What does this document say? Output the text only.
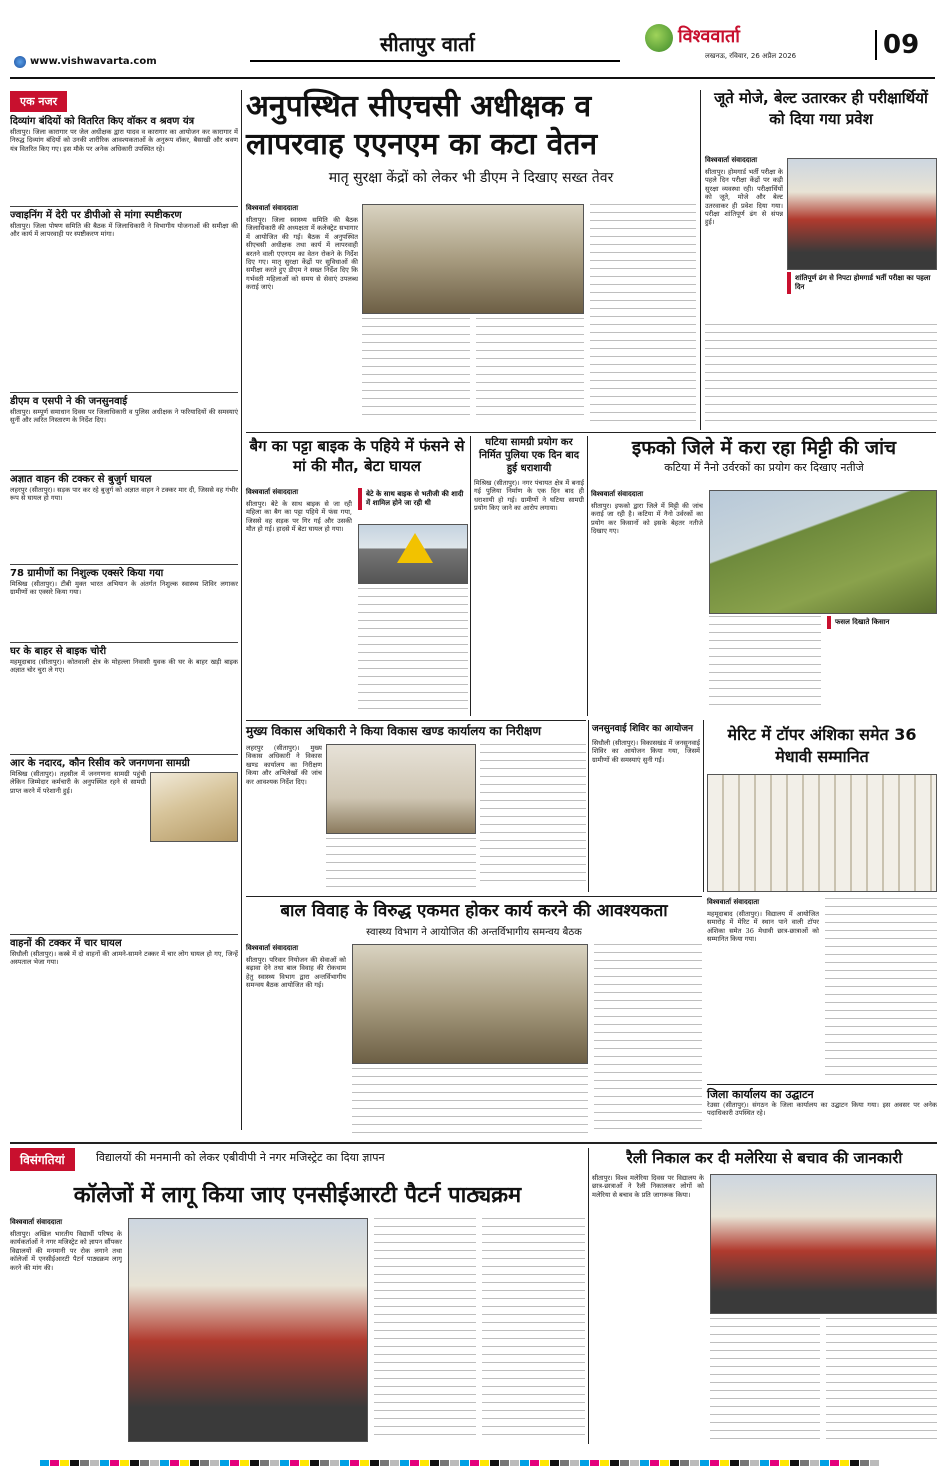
सीतापुर वार्ता	विश्ववार्ता
लखनऊ, रविवार, 26 अप्रैल 2026	09
www.vishwavarta.com
एक नजर
दिव्यांग बंदियों को वितरित किए वॉकर व श्रवण यंत्र
सीतापुर। जिला कारागार पर जेल अधीक्षक द्वारा यादव व कारागार का आयोजन कर कारागार में निरुद्ध दिव्यांग बंदियों को उनकी शारीरिक आवश्यकताओं के अनुरूप वॉकर, बैसाखी और श्रवण यंत्र वितरित किए गए। इस मौके पर अनेक अधिकारी उपस्थित रहे।
ज्वाइनिंग में देरी पर डीपीओ से मांगा स्पष्टीकरण
सीतापुर। जिला पोषण समिति की बैठक में जिलाधिकारी ने विभागीय योजनाओं की समीक्षा की और कार्य में लापरवाही पर स्पष्टीकरण मांगा।
डीएम व एसपी ने की जनसुनवाई
सीतापुर। सम्पूर्ण समाधान दिवस पर जिलाधिकारी व पुलिस अधीक्षक ने फरियादियों की समस्याएं सुनीं और त्वरित निस्तारण के निर्देश दिए।
अज्ञात वाहन की टक्कर से बुजुर्ग घायल
लहरपुर (सीतापुर)। सड़क पार कर रहे बुजुर्ग को अज्ञात वाहन ने टक्कर मार दी, जिससे वह गंभीर रूप से घायल हो गया।
78 ग्रामीणों का निशुल्क एक्सरे किया गया
मिश्रिख (सीतापुर)। टीबी मुक्त भारत अभियान के अंतर्गत निशुल्क स्वास्थ्य शिविर लगाकर ग्रामीणों का एक्सरे किया गया।
घर के बाहर से बाइक चोरी
महमूदाबाद (सीतापुर)। कोतवाली क्षेत्र के मोहल्ला निवासी युवक की घर के बाहर खड़ी बाइक अज्ञात चोर चुरा ले गए।
आर के नदारद, कौन रिसीव करे जनगणना सामग्री
मिश्रिख (सीतापुर)। तहसील में जनगणना सामग्री पहुंची लेकिन जिम्मेदार कर्मचारी के अनुपस्थित रहने से सामग्री प्राप्त करने में परेशानी हुई।
वाहनों की टक्कर में चार घायल
सिधौली (सीतापुर)। कस्बे में दो वाहनों की आमने-सामने टक्कर में चार लोग घायल हो गए, जिन्हें अस्पताल भेजा गया।
अनुपस्थित सीएचसी अधीक्षक व लापरवाह एएनएम का कटा वेतन
मातृ सुरक्षा केंद्रों को लेकर भी डीएम ने दिखाए सख्त तेवर
विश्ववार्ता संवाददाता
सीतापुर। जिला स्वास्थ्य समिति की बैठक जिलाधिकारी की अध्यक्षता में कलेक्ट्रेट सभागार में आयोजित की गई। बैठक में अनुपस्थित सीएचसी अधीक्षक तथा कार्य में लापरवाही बरतने वाली एएनएम का वेतन रोकने के निर्देश दिए गए। मातृ सुरक्षा केंद्रों पर सुविधाओं की समीक्षा करते हुए डीएम ने सख्त निर्देश दिए कि गर्भवती महिलाओं को समय से सेवाएं उपलब्ध कराई जाएं।
जूते मोजे, बेल्ट उतारकर ही परीक्षार्थियों को दिया गया प्रवेश
विश्ववार्ता संवाददाता
सीतापुर। होमगार्ड भर्ती परीक्षा के पहले दिन परीक्षा केंद्रों पर कड़ी सुरक्षा व्यवस्था रही। परीक्षार्थियों को जूते, मोजे और बेल्ट उतरवाकर ही प्रवेश दिया गया। परीक्षा शांतिपूर्ण ढंग से संपन्न हुई।
शांतिपूर्ण ढंग से निपटा होमगार्ड भर्ती परीक्षा का पहला दिन
बैग का पट्टा बाइक के पहिये में फंसने से मां की मौत, बेटा घायल
विश्ववार्ता संवाददाता	बेटे के साथ बाइक से भतीजी की शादी में शामिल होने जा रही थी
सीतापुर। बेटे के साथ बाइक से जा रही महिला का बैग का पट्टा पहिये में फंस गया, जिससे वह सड़क पर गिर गई और उसकी मौत हो गई। हादसे में बेटा घायल हो गया।
घटिया सामग्री प्रयोग कर निर्मित पुलिया एक दिन बाद हुई धराशायी
मिश्रिख (सीतापुर)। नगर पंचायत क्षेत्र में बनाई गई पुलिया निर्माण के एक दिन बाद ही धराशायी हो गई। ग्रामीणों ने घटिया सामग्री प्रयोग किए जाने का आरोप लगाया।
इफको जिले में करा रहा मिट्टी की जांच
कटिया में नैनो उर्वरकों का प्रयोग कर दिखाए नतीजे
विश्ववार्ता संवाददाता
सीतापुर। इफको द्वारा जिले में मिट्टी की जांच कराई जा रही है। कटिया में नैनो उर्वरकों का प्रयोग कर किसानों को इसके बेहतर नतीजे दिखाए गए।
फसल दिखाते किसान
मुख्य विकास अधिकारी ने किया विकास खण्ड कार्यालय का निरीक्षण
लहरपुर (सीतापुर)। मुख्य विकास अधिकारी ने विकास खण्ड कार्यालय का निरीक्षण किया और अभिलेखों की जांच कर आवश्यक निर्देश दिए।
जनसुनवाई शिविर का आयोजन
सिधौली (सीतापुर)। विकासखंड में जनसुनवाई शिविर का आयोजन किया गया, जिसमें ग्रामीणों की समस्याएं सुनी गईं।
मेरिट में टॉपर अंशिका समेत 36 मेधावी सम्मानित
विश्ववार्ता संवाददाता
महमूदाबाद (सीतापुर)। विद्यालय में आयोजित समारोह में मेरिट में स्थान पाने वाली टॉपर अंशिका समेत 36 मेधावी छात्र-छात्राओं को सम्मानित किया गया।
बाल विवाह के विरुद्ध एकमत होकर कार्य करने की आवश्यकता
स्वास्थ्य विभाग ने आयोजित की अन्तर्विभागीय समन्वय बैठक
विश्ववार्ता संवाददाता
सीतापुर। परिवार नियोजन की सेवाओं को बढ़ावा देने तथा बाल विवाह की रोकथाम हेतु स्वास्थ्य विभाग द्वारा अन्तर्विभागीय समन्वय बैठक आयोजित की गई।
जिला कार्यालय का उद्घाटन
रेउसा (सीतापुर)। संगठन के जिला कार्यालय का उद्घाटन किया गया। इस अवसर पर अनेक पदाधिकारी उपस्थित रहे।
विसंगतियां	विद्यालयों की मनमानी को लेकर एबीवीपी ने नगर मजिस्ट्रेट का दिया ज्ञापन
कॉलेजों में लागू किया जाए एनसीईआरटी पैटर्न पाठ्यक्रम
विश्ववार्ता संवाददाता
सीतापुर। अखिल भारतीय विद्यार्थी परिषद के कार्यकर्ताओं ने नगर मजिस्ट्रेट को ज्ञापन सौंपकर विद्यालयों की मनमानी पर रोक लगाने तथा कॉलेजों में एनसीईआरटी पैटर्न पाठ्यक्रम लागू करने की मांग की।
रैली निकाल कर दी मलेरिया से बचाव की जानकारी
सीतापुर। विश्व मलेरिया दिवस पर विद्यालय के छात्र-छात्राओं ने रैली निकालकर लोगों को मलेरिया से बचाव के प्रति जागरूक किया।
